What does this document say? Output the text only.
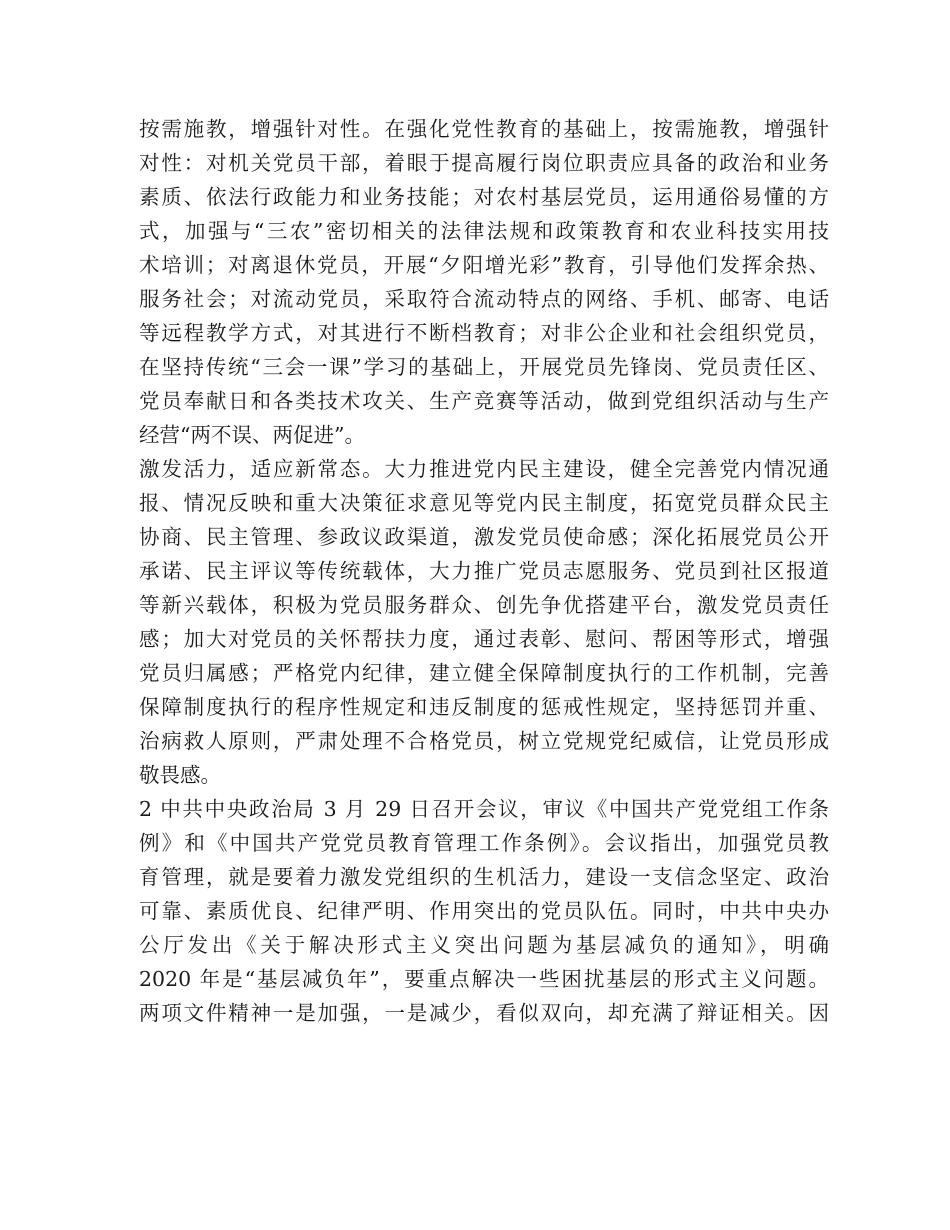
按需施教，增强针对性。在强化党性教育的基础上，按需施教，增强针
对性：对机关党员干部，着眼于提高履行岗位职责应具备的政治和业务
素质、依法行政能力和业务技能；对农村基层党员，运用通俗易懂的方
式，加强与“三农”密切相关的法律法规和政策教育和农业科技实用技
术培训；对离退休党员，开展“夕阳增光彩”教育，引导他们发挥余热、
服务社会；对流动党员，采取符合流动特点的网络、手机、邮寄、电话
等远程教学方式，对其进行不断档教育；对非公企业和社会组织党员，
在坚持传统“三会一课”学习的基础上，开展党员先锋岗、党员责任区、
党员奉献日和各类技术攻关、生产竞赛等活动，做到党组织活动与生产
经营“两不误、两促进”。
激发活力，适应新常态。大力推进党内民主建设，健全完善党内情况通
报、情况反映和重大决策征求意见等党内民主制度，拓宽党员群众民主
协商、民主管理、参政议政渠道，激发党员使命感；深化拓展党员公开
承诺、民主评议等传统载体，大力推广党员志愿服务、党员到社区报道
等新兴载体，积极为党员服务群众、创先争优搭建平台，激发党员责任
感；加大对党员的关怀帮扶力度，通过表彰、慰问、帮困等形式，增强
党员归属感；严格党内纪律，建立健全保障制度执行的工作机制，完善
保障制度执行的程序性规定和违反制度的惩戒性规定，坚持惩罚并重、
治病救人原则，严肃处理不合格党员，树立党规党纪威信，让党员形成
敬畏感。
2 中共中央政治局 3 月 29 日召开会议，审议《中国共产党党组工作条
例》和《中国共产党党员教育管理工作条例》。会议指出，加强党员教
育管理，就是要着力激发党组织的生机活力，建设一支信念坚定、政治
可靠、素质优良、纪律严明、作用突出的党员队伍。同时，中共中央办
公厅发出《关于解决形式主义突出问题为基层减负的通知》，明确
2020 年是“基层减负年”，要重点解决一些困扰基层的形式主义问题。
两项文件精神一是加强，一是减少，看似双向，却充满了辩证相关。因
